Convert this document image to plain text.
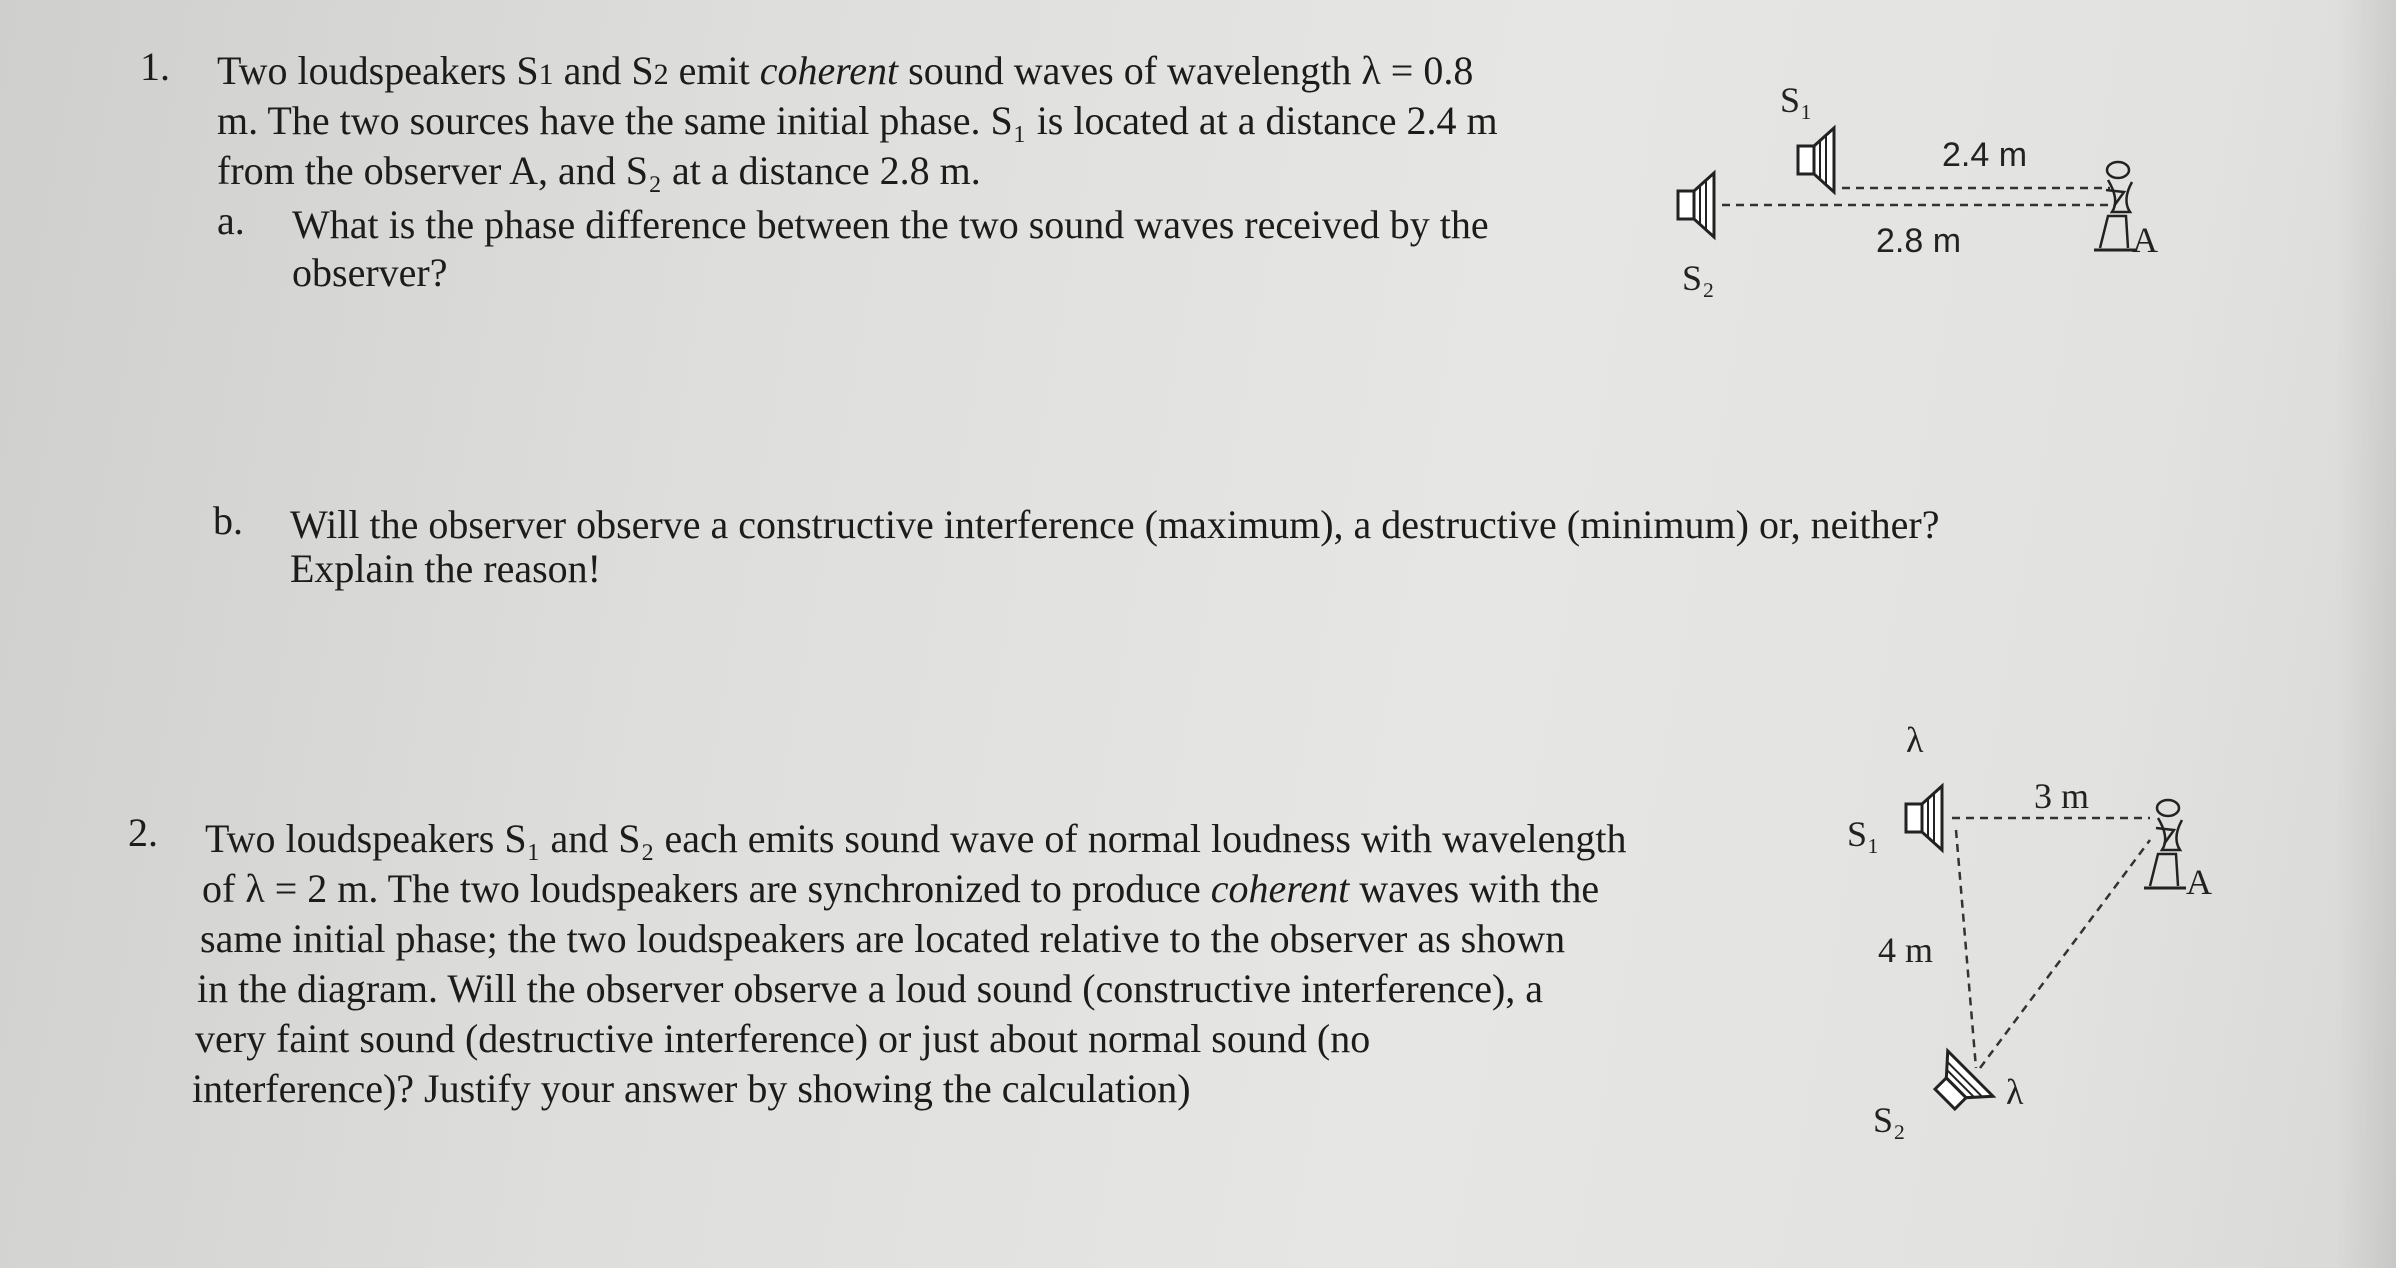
1. Two loudspeakers S1 and S2 emit coherent sound waves of wavelength λ = 0.8
m. The two sources have the same initial phase. S₁ is located at a distance 2.4 m
from the observer A, and S₂ at a distance 2.8 m.
a. What is the phase difference between the two sound waves received by the
observer?
b. Will the observer observe a constructive interference (maximum), a destructive (minimum) or, neither?
Explain the reason!
2. Two loudspeakers S₁ and S₂ each emits sound wave of normal loudness with wavelength
of λ = 2 m. The two loudspeakers are synchronized to produce coherent waves with the
same initial phase; the two loudspeakers are located relative to the observer as shown
in the diagram. Will the observer observe a loud sound (constructive interference), a
very faint sound (destructive interference) or just about normal sound (no
interference)? Justify your answer by showing the calculation)
S₁
2.4 m
S₂
2.8 m	A
λ
S₁
3 m
4 m
λ
S₂
A
